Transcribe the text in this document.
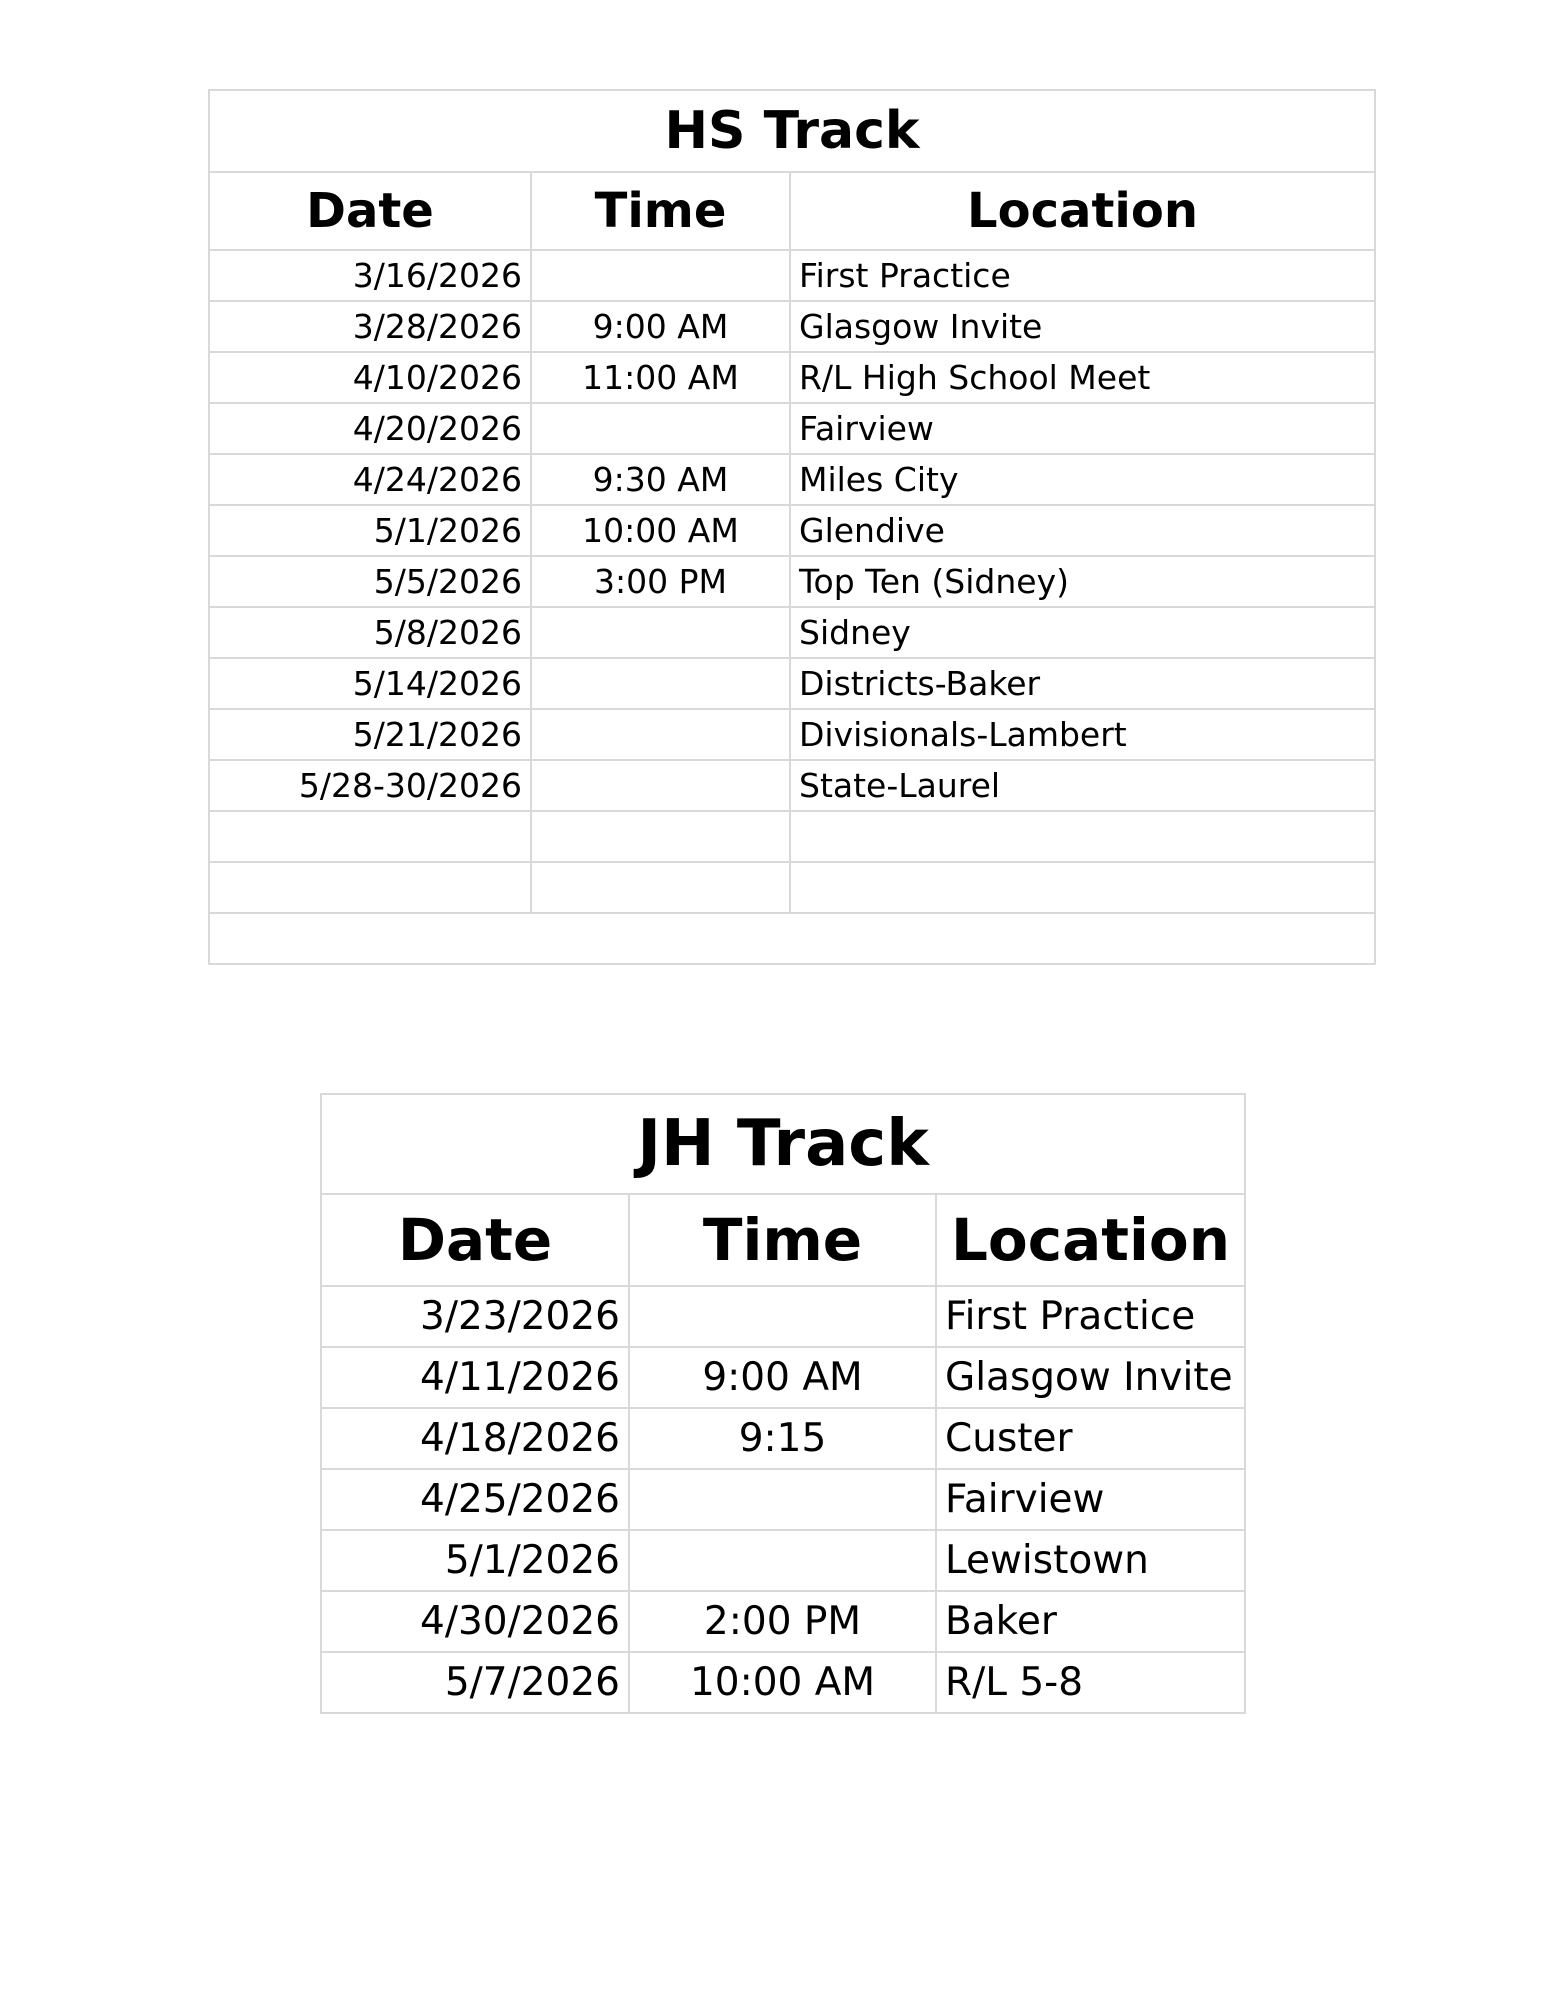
HS Track		
Date	Time	Location
3/16/2026		First Practice
3/28/2026	9:00 AM	Glasgow Invite
4/10/2026	11:00 AM	R/L High School Meet
4/20/2026		Fairview
4/24/2026	9:30 AM	Miles City
5/1/2026	10:00 AM	Glendive
5/5/2026	3:00 PM	Top Ten (Sidney)
5/8/2026		Sidney
5/14/2026		Districts-Baker
5/21/2026		Divisionals-Lambert
5/28-30/2026		State-Laurel

JH Track		
Date	Time	Location
3/23/2026		First Practice
4/11/2026	9:00 AM	Glasgow Invite
4/18/2026	9:15	Custer
4/25/2026		Fairview
5/1/2026		Lewistown
4/30/2026	2:00 PM	Baker
5/7/2026	10:00 AM	R/L 5-8
